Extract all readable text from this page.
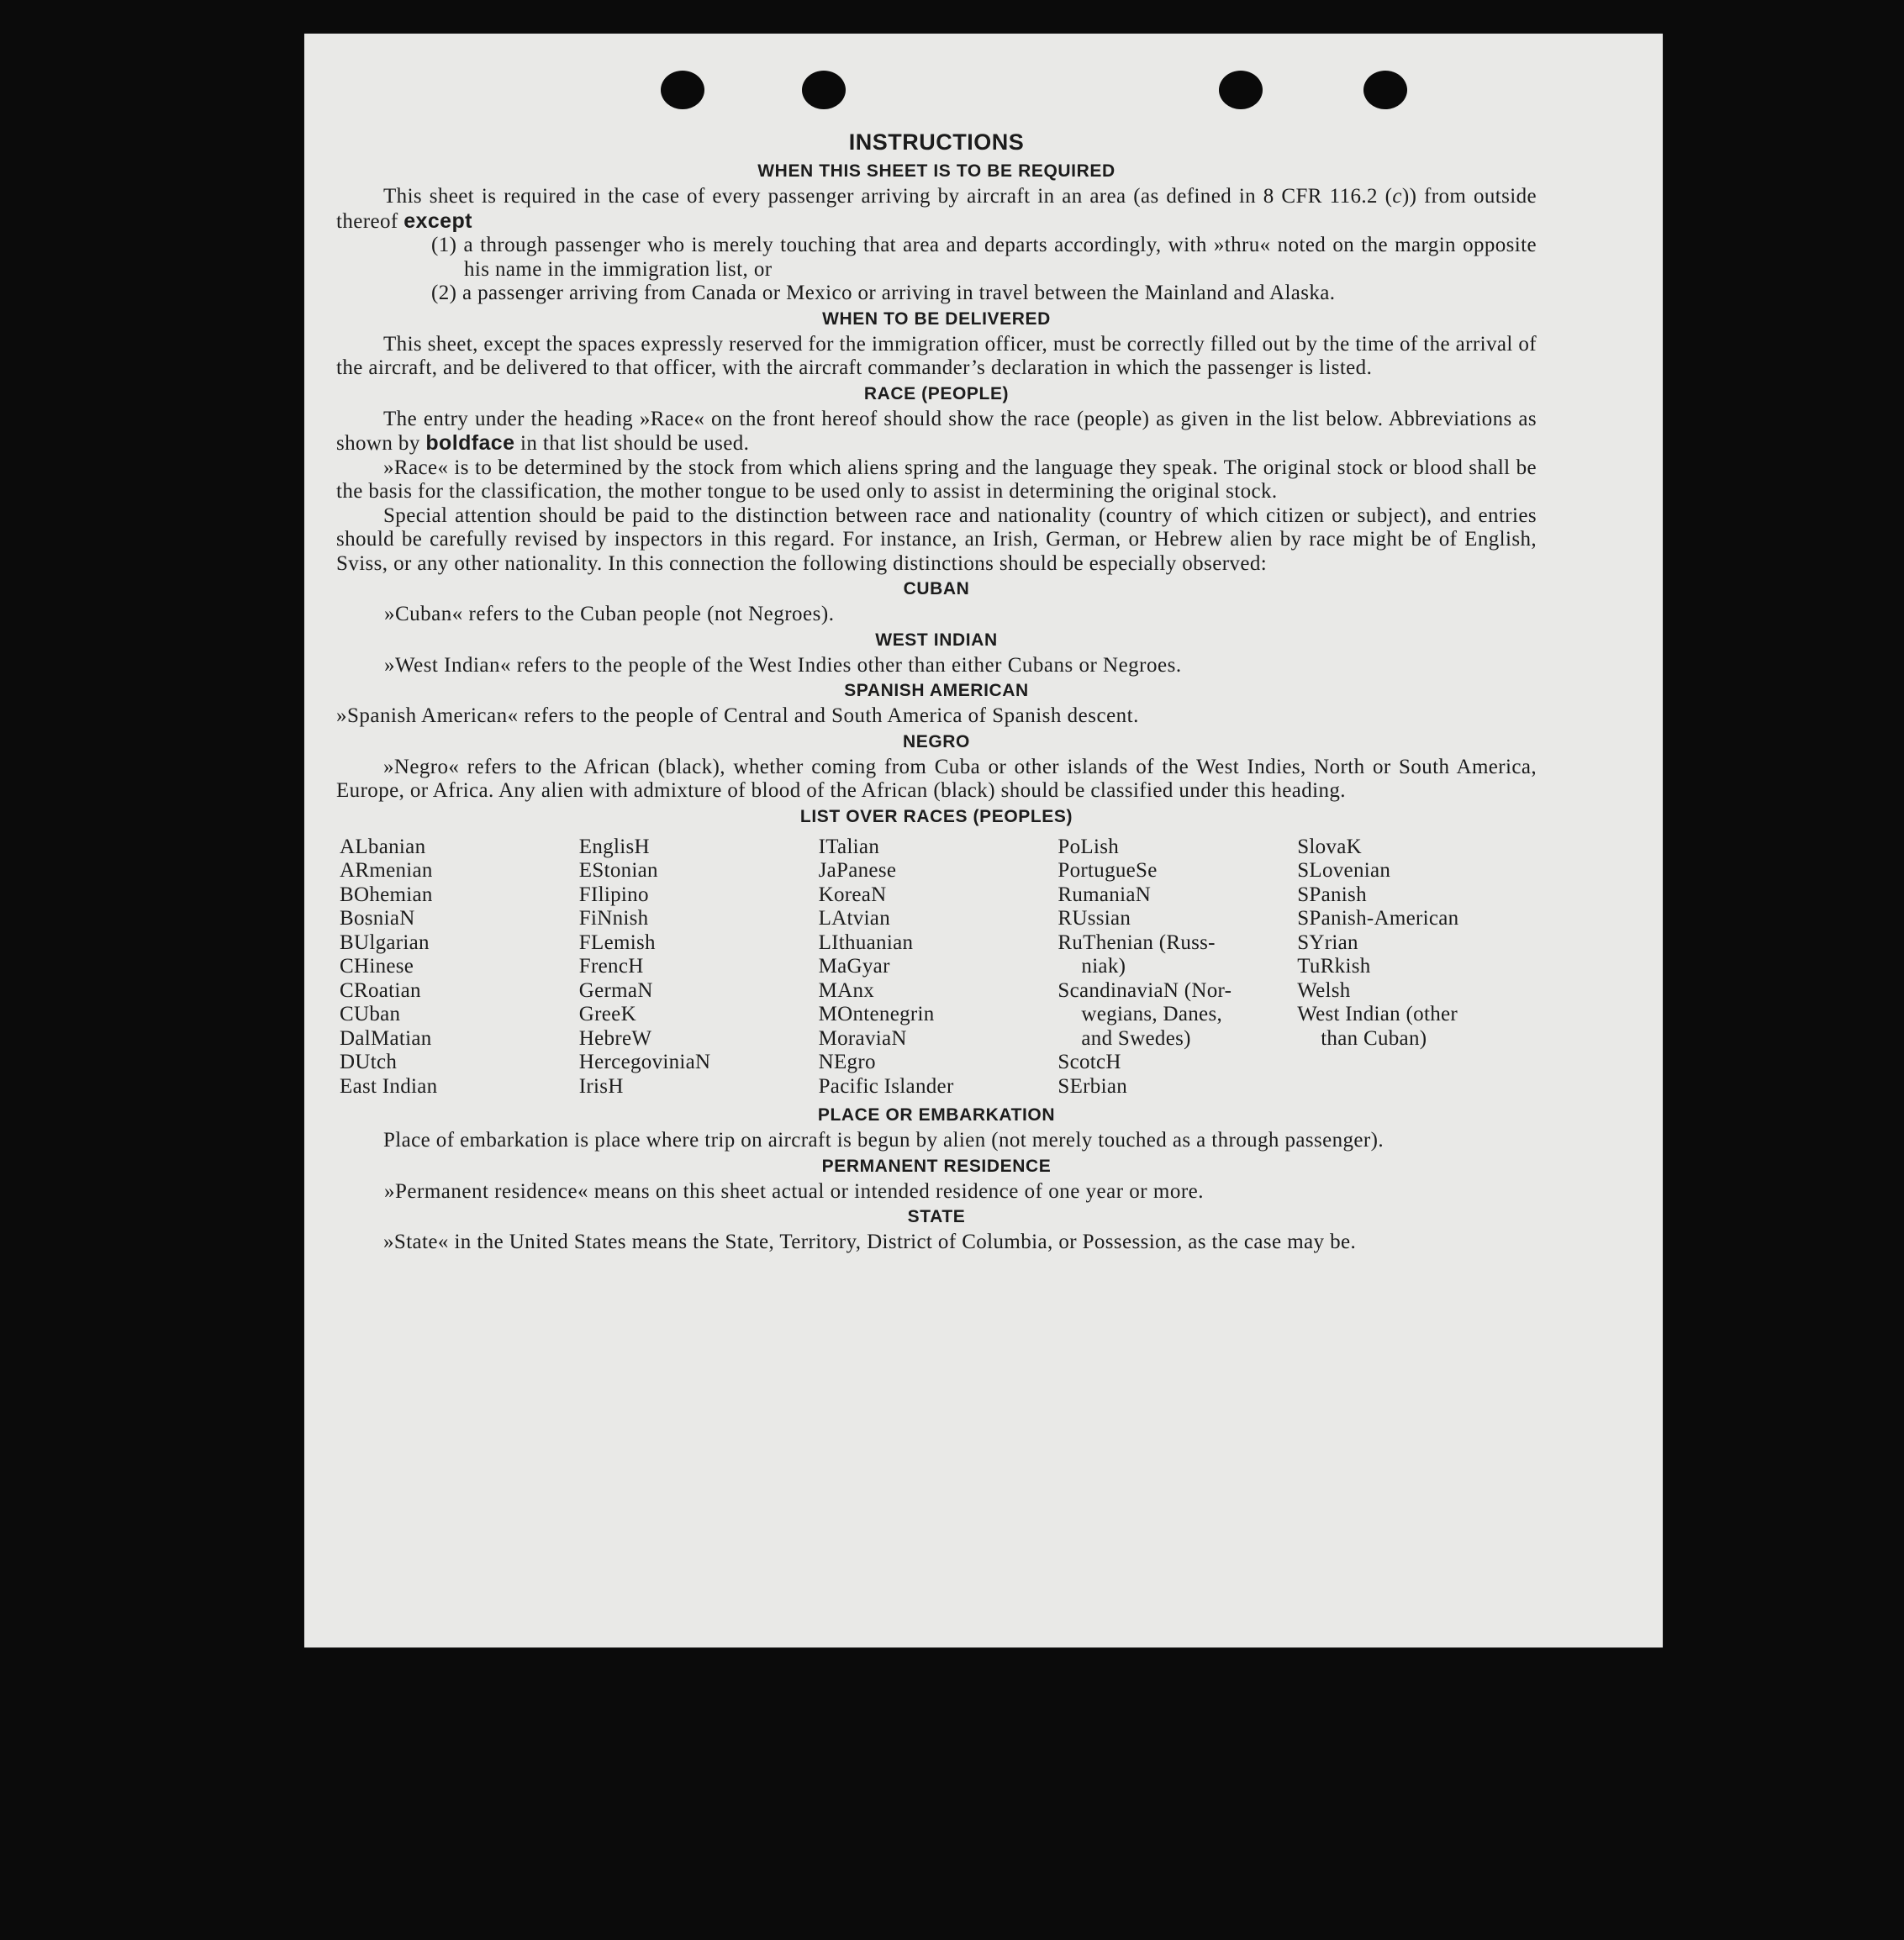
INSTRUCTIONS
WHEN THIS SHEET IS TO BE REQUIRED

This sheet is required in the case of every passenger arriving by aircraft in an area (as defined in 8 CFR 116.2 (c)) from outside thereof except

(1) a through passenger who is merely touching that area and departs accordingly, with »thru« noted on the margin opposite his name in the immigration list, or
(2) a passenger arriving from Canada or Mexico or arriving in travel between the Mainland and Alaska.
WHEN TO BE DELIVERED

This sheet, except the spaces expressly reserved for the immigration officer, must be correctly filled out by the time of the arrival of the aircraft, and be delivered to that officer, with the aircraft commander’s declaration in which the passenger is listed.

RACE (PEOPLE)

The entry under the heading »Race« on the front hereof should show the race (people) as given in the list below. Abbreviations as shown by boldface in that list should be used.

»Race« is to be determined by the stock from which aliens spring and the language they speak. The original stock or blood shall be the basis for the classification, the mother tongue to be used only to assist in determining the original stock.

Special attention should be paid to the distinction between race and nationality (country of which citizen or subject), and entries should be carefully revised by inspectors in this regard. For instance, an Irish, German, or Hebrew alien by race might be of English, Sviss, or any other nationality. In this connection the following distinctions should be especially observed:

CUBAN
»Cuban« refers to the Cuban people (not Negroes).
WEST INDIAN
»West Indian« refers to the people of the West Indies other than either Cubans or Negroes.
SPANISH AMERICAN
»Spanish American« refers to the people of Central and South America of Spanish descent.
NEGRO

»Negro« refers to the African (black), whether coming from Cuba or other islands of the West Indies, North or South America, Europe, or Africa. Any alien with admixture of blood of the African (black) should be classified under this heading.

LIST OVER RACES (PEOPLES)
ALbanian
ARmenian
BOhemian
BosniaN
BUlgarian
CHinese
CRoatian
CUban
DalMatian
DUtch
East Indian
EnglisH
EStonian
FIlipino
FiNnish
FLemish
FrencH
GermaN
GreeK
HebreW
HercegoviniaN
IrisH
ITalian
JaPanese
KoreaN
LAtvian
LIthuanian
MaGyar
MAnx
MOntenegrin
MoraviaN
NEgro
Pacific Islander
PoLish
PortugueSe
RumaniaN
RUssian
RuThenian (Russ-
niak)
ScandinaviaN (Nor-
wegians, Danes,
and Swedes)
ScotcH
SErbian
SlovaK
SLovenian
SPanish
SPanish-American
SYrian
TuRkish
Welsh
West Indian (other
than Cuban)
PLACE OR EMBARKATION

Place of embarkation is place where trip on aircraft is begun by alien (not merely touched as a through passenger).

PERMANENT RESIDENCE
»Permanent residence« means on this sheet actual or intended residence of one year or more.
STATE

»State« in the United States means the State, Territory, District of Columbia, or Possession, as the case may be.
